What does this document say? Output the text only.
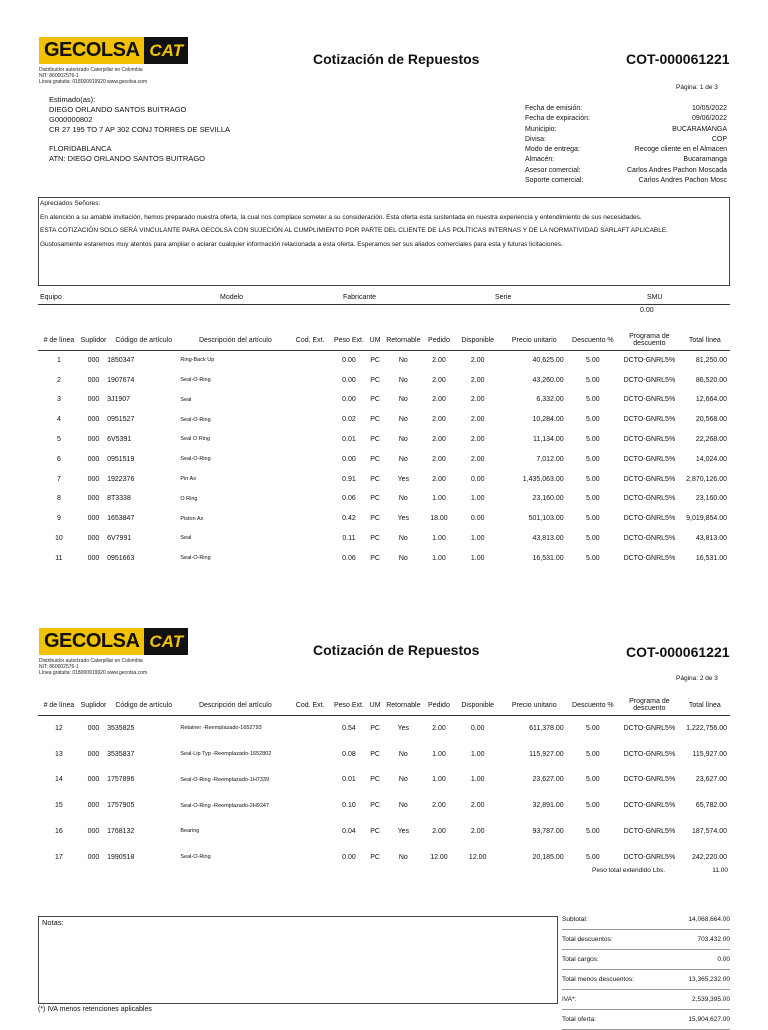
GECOLSA CAT
Distribuidor autorizado Caterpillar en Colombia
NIT: 860002576-1
Línea gratuita: 018000919920 www.gecolsa.com
Cotización de Repuestos	COT-000061221
Página: 1 de 3
Estimado(as):
DIEGO ORLANDO SANTOS BUITRAGO
G000000802
CR 27 195 TO 7 AP 302 CONJ TORRES DE SEVILLA
FLORIDABLANCA
ATN: DIEGO ORLANDO SANTOS BUITRAGO
Fecha de emisión:	10/05/2022
Fecha de expiración:	09/06/2022
Municipio:	BUCARAMANGA
Divisa:	COP
Modo de entrega:	Recoge cliente en el Almacen
Almacén:	Bucaramanga
Asesor comercial:	Carlos Andres Pachon Moscada
Soporte comercial:	Carlos Andres Pachon Mosc

Apreciados Señores:

En atención a su amable invitación, hemos preparado nuestra oferta, la cual nos complace someter a su consideración. Esta oferta esta sustentada en nuestra experiencia y entendimiento de sus necesidades.

ESTA COTIZACIÓN SOLO SERÁ VINCULANTE PARA GECOLSA CON SUJECIÓN AL CUMPLIMIENTO POR PARTE DEL CLIENTE DE LAS POLÍTICAS INTERNAS Y DE LA NORMATIVIDAD SARLAFT APLICABLE.

Gustosamente estaremos muy atentos para ampliar o aclarar cualquier información relacionada a esta oferta. Esperamos ser sus aliados comerciales para esta y futuras licitaciones.

Equipo	Modelo	Fabricante	Serie	SMU
0.00
# de línea	Suplidor	Código de artículo	Descripción del artículo	Cod. Ext.	Peso Ext.	UM	Retornable	Pedido	Disponible	Precio unitario	Descuento %	Programa de descuento	Total línea
1	000	1850347	Ring-Back Up		0.00	PC	No	2.00	2.00	40,625.00	5.00	DCTO-GNRL5%	81,250.00
2	000	1907674	Seal-O-Ring		0.00	PC	No	2.00	2.00	43,260.00	5.00	DCTO-GNRL5%	86,520.00
3	000	3J1907	Seal		0.00	PC	No	2.00	2.00	6,332.00	5.00	DCTO-GNRL5%	12,664.00
4	000	0951527	Seal-O-Ring		0.02	PC	No	2.00	2.00	10,284.00	5.00	DCTO-GNRL5%	20,568.00
5	000	6V5391	Seal O Ring		0.01	PC	No	2.00	2.00	11,134.00	5.00	DCTO-GNRL5%	22,268.00
6	000	0951519	Seal-O-Ring		0.00	PC	No	2.00	2.00	7,012.00	5.00	DCTO-GNRL5%	14,024.00
7	000	1922376	Pin As		0.91	PC	Yes	2.00	0.00	1,435,063.00	5.00	DCTO-GNRL5%	2,870,126.00
8	000	8T3338	O Ring		0.06	PC	No	1.00	1.00	23,160.00	5.00	DCTO-GNRL5%	23,160.00
9	000	1653847	Piston As		0.42	PC	Yes	18.00	0.00	501,103.00	5.00	DCTO-GNRL5%	9,019,854.00
10	000	6V7991	Seal		0.11	PC	No	1.00	1.00	43,813.00	5.00	DCTO-GNRL5%	43,813.00
11	000	0951663	Seal-O-Ring		0.06	PC	No	1.00	1.00	16,531.00	5.00	DCTO-GNRL5%	16,531.00
GECOLSA CAT
Distribuidor autorizado Caterpillar en Colombia
NIT: 860002576-1
Línea gratuita: 018000919920 www.gecolsa.com
Cotización de Repuestos	COT-000061221
Página: 2 de 3
# de línea	Suplidor	Código de artículo	Descripción del artículo	Cod. Ext.	Peso Ext.	UM	Retornable	Pedido	Disponible	Precio unitario	Descuento %	Programa de descuento	Total línea
12	000	3535825	Retainer -Reemplazado-1652793		0.54	PC	Yes	2.00	0.00	611,378.00	5.00	DCTO-GNRL5%	1,222,756.00
13	000	3535837	Seal-Lip Typ -Reemplazado-1652802		0.08	PC	No	1.00	1.00	115,927.00	5.00	DCTO-GNRL5%	115,927.00
14	000	1757896	Seal-O-Ring -Reemplazado-1H7339		0.01	PC	No	1.00	1.00	23,627.00	5.00	DCTO-GNRL5%	23,627.00
15	000	1757905	Seal-O-Ring -Reemplazado-2H9247		0.10	PC	No	2.00	2.00	32,891.00	5.00	DCTO-GNRL5%	65,782.00
16	000	1768132	Bearing		0.04	PC	Yes	2.00	2.00	93,787.00	5.00	DCTO-GNRL5%	187,574.00
17	000	1990518	Seal-O-Ring		0.00	PC	No	12.00	12.00	20,185.00	5.00	DCTO-GNRL5%	242,220.00
Peso total extendido Lbs.	11.00
Notas:	Subtotal:	14,068,664.00
Total descuentos:	703,432.00
Total cargos:	0.00
Total menos descuentos:	13,365,232.00
IVA*:	2,539,395.00
Total oferta:	15,904,627.00
(*) IVA menos retenciones aplicables
